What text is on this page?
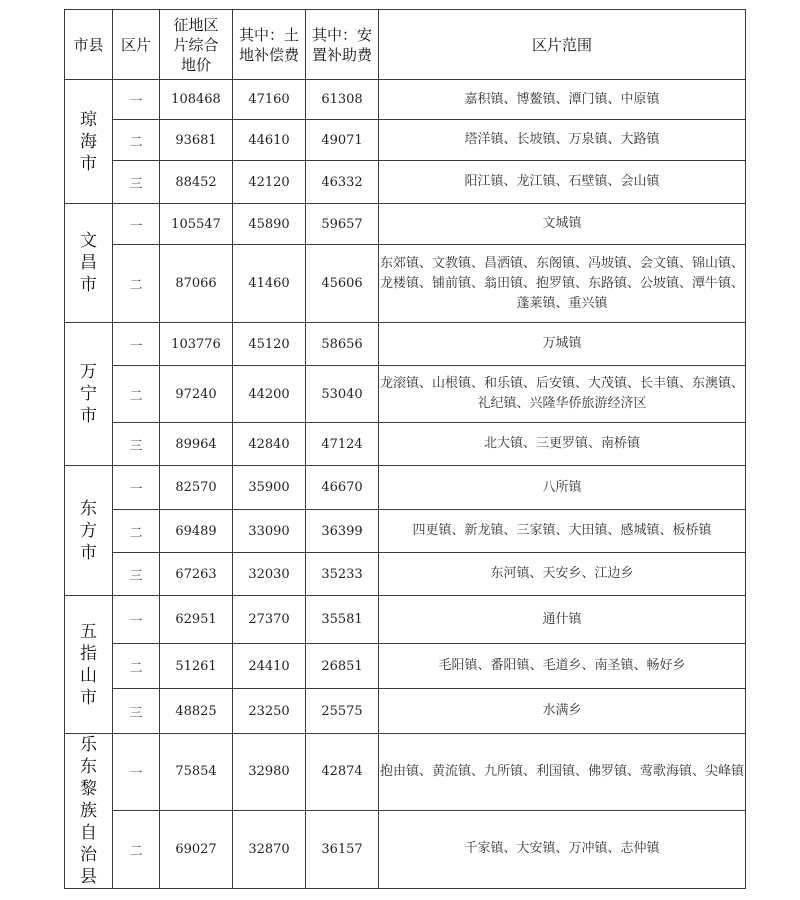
市县	区片	征地区片综合地价	其中：土地补偿费	其中：安置补助费	区片范围
琼海市	一	108468	47160	61308	嘉积镇、博鳌镇、潭门镇、中原镇
	二	93681	44610	49071	塔洋镇、长坡镇、万泉镇、大路镇
	三	88452	42120	46332	阳江镇、龙江镇、石壁镇、会山镇
文昌市	一	105547	45890	59657	文城镇
	二	87066	41460	45606	东郊镇、文教镇、昌洒镇、东阁镇、冯坡镇、会文镇、锦山镇、龙楼镇、铺前镇、翁田镇、抱罗镇、东路镇、公坡镇、潭牛镇、蓬莱镇、重兴镇
万宁市	一	103776	45120	58656	万城镇
	二	97240	44200	53040	龙滚镇、山根镇、和乐镇、后安镇、大茂镇、长丰镇、东澳镇、礼纪镇、兴隆华侨旅游经济区
	三	89964	42840	47124	北大镇、三更罗镇、南桥镇
东方市	一	82570	35900	46670	八所镇
	二	69489	33090	36399	四更镇、新龙镇、三家镇、大田镇、感城镇、板桥镇
	三	67263	32030	35233	东河镇、天安乡、江边乡
五指山市	一	62951	27370	35581	通什镇
	二	51261	24410	26851	毛阳镇、番阳镇、毛道乡、南圣镇、畅好乡
	三	48825	23250	25575	水满乡
乐东黎族自治县	一	75854	32980	42874	抱由镇、黄流镇、九所镇、利国镇、佛罗镇、莺歌海镇、尖峰镇
	二	69027	32870	36157	千家镇、大安镇、万冲镇、志仲镇
